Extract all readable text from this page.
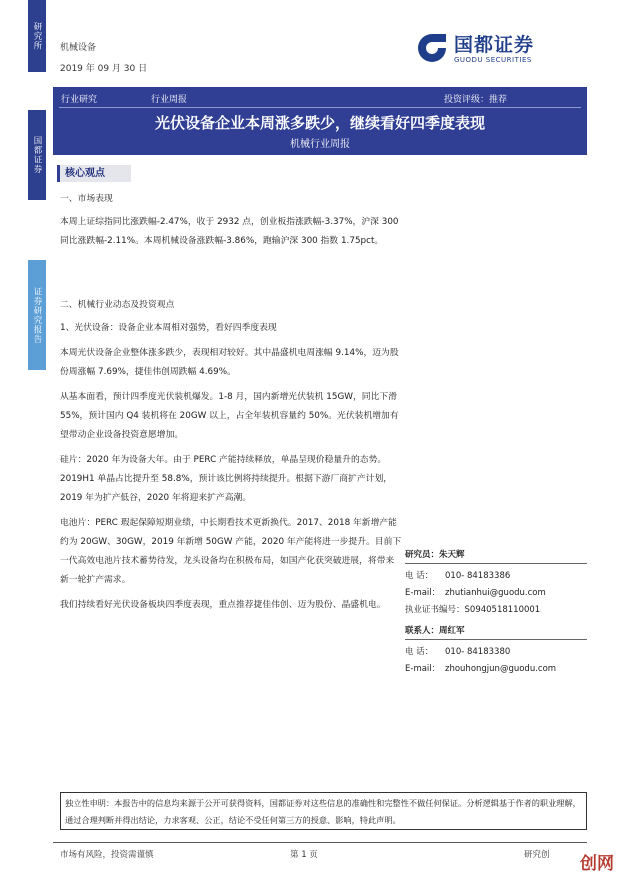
研究所
国都证券
证券研究报告
机械设备
2019 年 09 月 30 日
国都证券
GUODU SECURITIES
行业研究	行业周报	投资评级：推荐
光伏设备企业本周涨多跌少，继续看好四季度表现
机械行业周报
核心观点

一、市场表现

本周上证综指同比涨跌幅-2.47%，收于 2932 点，创业板指涨跌幅-3.37%，沪深 300 同比涨跌幅-2.11%。本周机械设备涨跌幅-3.86%，跑输沪深 300 指数 1.75pct。

二、机械行业动态及投资观点

1、光伏设备：设备企业本周相对强势，看好四季度表现

本周光伏设备企业整体涨多跌少，表现相对较好。其中晶盛机电周涨幅 9.14%，迈为股份周涨幅 7.69%，捷佳伟创周跌幅 4.69%。

从基本面看，预计四季度光伏装机爆发。1-8 月，国内新增光伏装机 15GW，同比下滑 55%，预计国内 Q4 装机将在 20GW 以上，占全年装机容量约 50%。光伏装机增加有望带动企业设备投资意愿增加。

硅片：2020 年为设备大年。由于 PERC 产能持续释放，单晶呈现价稳量升的态势。2019H1 单晶占比提升至 58.8%，预计该比例将持续提升。根据下游厂商扩产计划，2019 年为扩产低谷，2020 年将迎来扩产高潮。

电池片：PERC 瑕起保障短期业绩，中长期看技术更新换代。2017、2018 年新增产能约为 20GW、30GW，2019 年新增 50GW 产能，2020 年产能将进一步提升。目前下一代高效电池片技术蓄势待发，龙头设备均在积极布局，如国产化获突破进展，将带来新一轮扩产需求。

我们持续看好光伏设备板块四季度表现，重点推荐捷佳伟创、迈为股份、晶盛机电。

研究员：朱天辉
电 话：	010- 84183386
E-mail： zhutianhui@guodu.com
执业证书编号： S0940518110001
联系人：周红军
电 话：	010- 84183380
E-mail： zhouhongjun@guodu.com
独立性申明：本报告中的信息均来源于公开可获得资料，国都证券对这些信息的准确性和完整性不做任何保证。分析逻辑基于作者的职业理解，通过合理判断并得出结论，力求客观、公正，结论不受任何第三方的授意、影响，特此声明。
市场有风险，投资需谨慎	第 1 页	研究创 创网
